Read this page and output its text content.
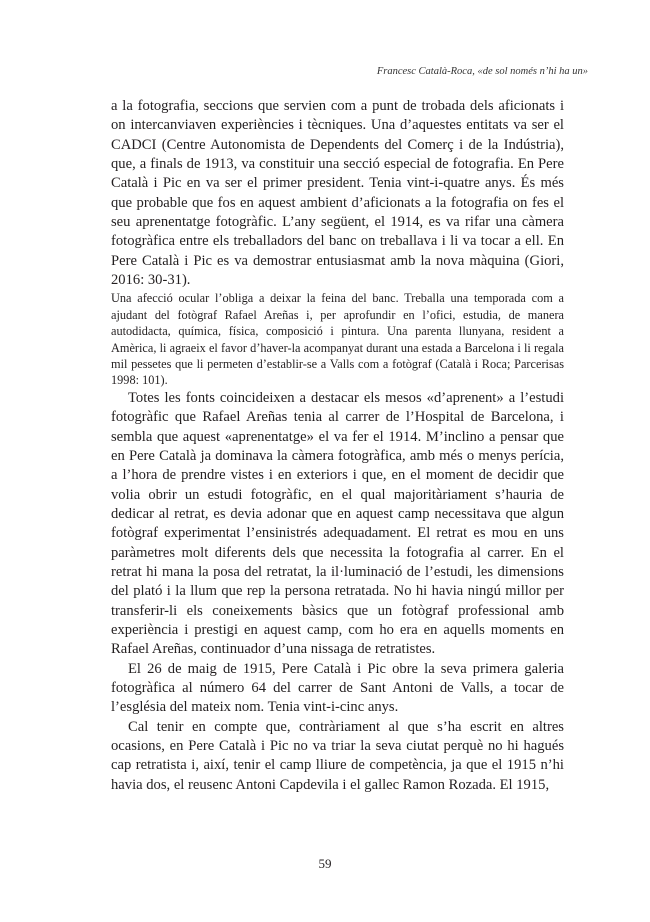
Francesc Català-Roca, «de sol només n’hi ha un»

a la fotografia, seccions que servien com a punt de trobada dels aficionats i on intercanviaven experiències i tècniques. Una d’aquestes entitats va ser el CADCI (Centre Autonomista de Dependents del Comerç i de la Indústria), que, a finals de 1913, va constituir una secció especial de fotografia. En Pere Català i Pic en va ser el primer president. Tenia vint-i-quatre anys. És més que probable que fos en aquest ambient d’aficionats a la fotografia on fes el seu aprenentatge fotogràfic. L’any següent, el 1914, es va rifar una càmera fotogràfica entre els treballadors del banc on treballava i li va tocar a ell. En Pere Català i Pic es va demostrar entusiasmat amb la nova màquina (Giori, 2016: 30-31).

Una afecció ocular l’obliga a deixar la feina del banc. Treballa una temporada com a ajudant del fotògraf Rafael Areñas i, per aprofundir en l’ofici, estudia, de manera autodidacta, química, física, composició i pintura. Una parenta llunyana, resident a Amèrica, li agraeix el favor d’haver-la acompanyat durant una estada a Barcelona i li regala mil pessetes que li permeten d’establir-se a Valls com a fotògraf (Català i Roca; Parcerisas 1998: 101).

Totes les fonts coincideixen a destacar els mesos «d’aprenent» a l’estudi fotogràfic que Rafael Areñas tenia al carrer de l’Hospital de Barcelona, i sembla que aquest «aprenentatge» el va fer el 1914. M’inclino a pensar que en Pere Català ja dominava la càmera fotogràfica, amb més o menys perícia, a l’hora de prendre vistes i en exteriors i que, en el moment de decidir que volia obrir un estudi fotogràfic, en el qual majoritàriament s’hauria de dedicar al retrat, es devia adonar que en aquest camp necessitava que algun fotògraf experimentat l’ensinistrés adequadament. El retrat es mou en uns paràmetres molt diferents dels que necessita la fotografia al carrer. En el retrat hi mana la posa del retratat, la il·luminació de l’estudi, les dimensions del plató i la llum que rep la persona retratada. No hi havia ningú millor per transferir-li els coneixements bàsics que un fotògraf professional amb experiència i prestigi en aquest camp, com ho era en aquells moments en Rafael Areñas, continuador d’una nissaga de retratistes.

El 26 de maig de 1915, Pere Català i Pic obre la seva primera galeria fotogràfica al número 64 del carrer de Sant Antoni de Valls, a tocar de l’església del mateix nom. Tenia vint-i-cinc anys.

Cal tenir en compte que, contràriament al que s’ha escrit en altres ocasions, en Pere Català i Pic no va triar la seva ciutat perquè no hi hagués cap retratista i, així, tenir el camp lliure de competència, ja que el 1915 n’hi havia dos, el reusenc Antoni Capdevila i el gallec Ramon Rozada. El 1915,

59
